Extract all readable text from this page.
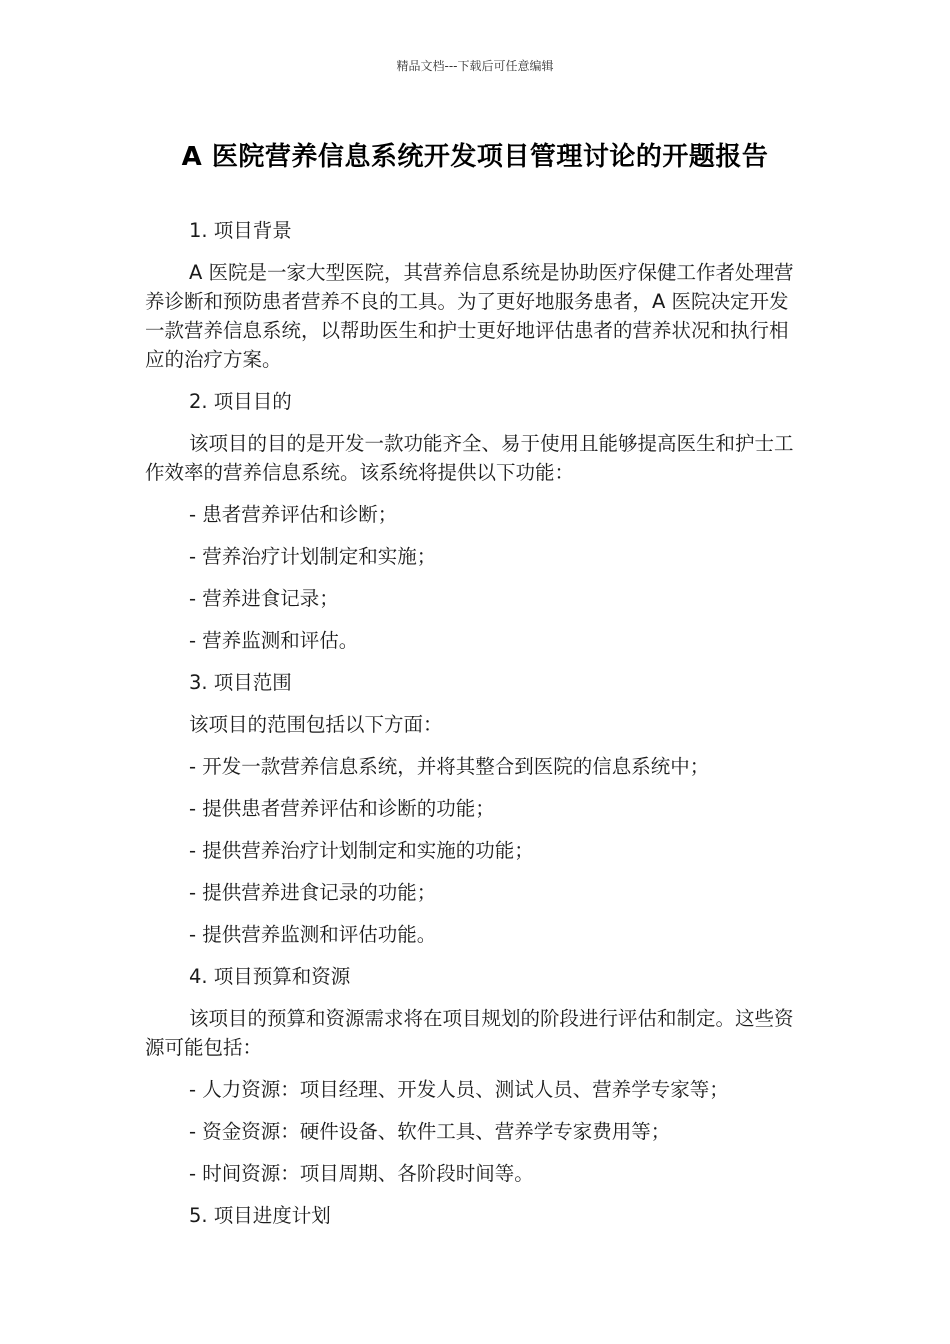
精品文档---下载后可任意编辑
A 医院营养信息系统开发项目管理讨论的开题报告
1. 项目背景
A 医院是一家大型医院，其营养信息系统是协助医疗保健工作者处理营养诊断和预防患者营养不良的工具。为了更好地服务患者，A 医院决定开发一款营养信息系统，以帮助医生和护士更好地评估患者的营养状况和执行相应的治疗方案。
2. 项目目的
该项目的目的是开发一款功能齐全、易于使用且能够提高医生和护士工作效率的营养信息系统。该系统将提供以下功能：
- 患者营养评估和诊断；
- 营养治疗计划制定和实施；
- 营养进食记录；
- 营养监测和评估。
3. 项目范围
该项目的范围包括以下方面：
- 开发一款营养信息系统，并将其整合到医院的信息系统中；
- 提供患者营养评估和诊断的功能；
- 提供营养治疗计划制定和实施的功能；
- 提供营养进食记录的功能；
- 提供营养监测和评估功能。
4. 项目预算和资源
该项目的预算和资源需求将在项目规划的阶段进行评估和制定。这些资源可能包括：
- 人力资源：项目经理、开发人员、测试人员、营养学专家等；
- 资金资源：硬件设备、软件工具、营养学专家费用等；
- 时间资源：项目周期、各阶段时间等。
5. 项目进度计划
